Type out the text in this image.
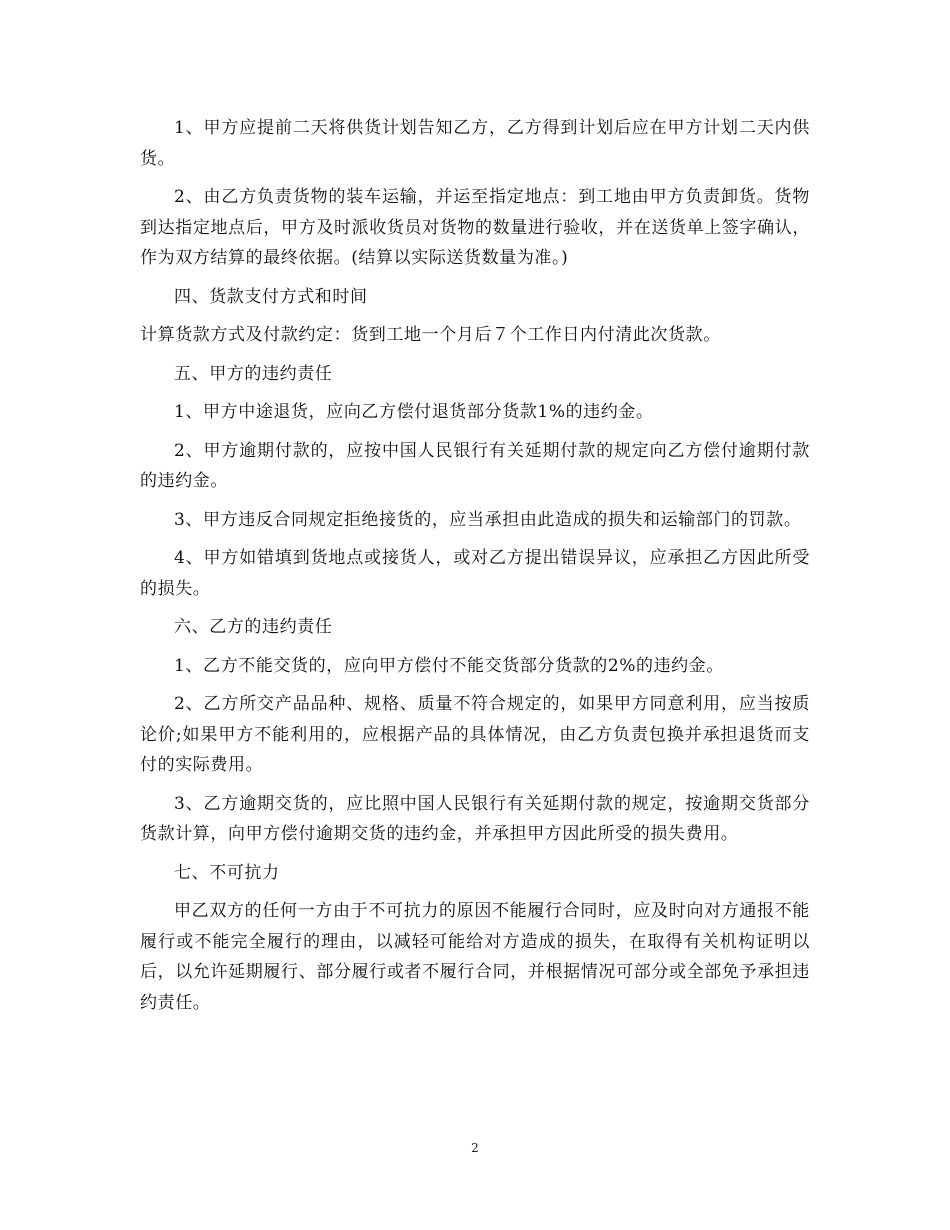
1、甲方应提前二天将供货计划告知乙方，乙方得到计划后应在甲方计划二天内供货。

2、由乙方负责货物的装车运输，并运至指定地点：到工地由甲方负责卸货。货物到达指定地点后，甲方及时派收货员对货物的数量进行验收，并在送货单上签字确认，作为双方结算的最终依据。(结算以实际送货数量为准。)

四、货款支付方式和时间

计算货款方式及付款约定：货到工地一个月后７个工作日内付清此次货款。

五、甲方的违约责任

1、甲方中途退货，应向乙方偿付退货部分货款1%的违约金。

2、甲方逾期付款的，应按中国人民银行有关延期付款的规定向乙方偿付逾期付款的违约金。

3、甲方违反合同规定拒绝接货的，应当承担由此造成的损失和运输部门的罚款。

4、甲方如错填到货地点或接货人，或对乙方提出错误异议，应承担乙方因此所受的损失。

六、乙方的违约责任

1、乙方不能交货的，应向甲方偿付不能交货部分货款的2%的违约金。

2、乙方所交产品品种、规格、质量不符合规定的，如果甲方同意利用，应当按质论价;如果甲方不能利用的，应根据产品的具体情况，由乙方负责包换并承担退货而支付的实际费用。

3、乙方逾期交货的，应比照中国人民银行有关延期付款的规定，按逾期交货部分货款计算，向甲方偿付逾期交货的违约金，并承担甲方因此所受的损失费用。

七、不可抗力

甲乙双方的任何一方由于不可抗力的原因不能履行合同时，应及时向对方通报不能履行或不能完全履行的理由，以减轻可能给对方造成的损失，在取得有关机构证明以后，以允许延期履行、部分履行或者不履行合同，并根据情况可部分或全部免予承担违约责任。

2
